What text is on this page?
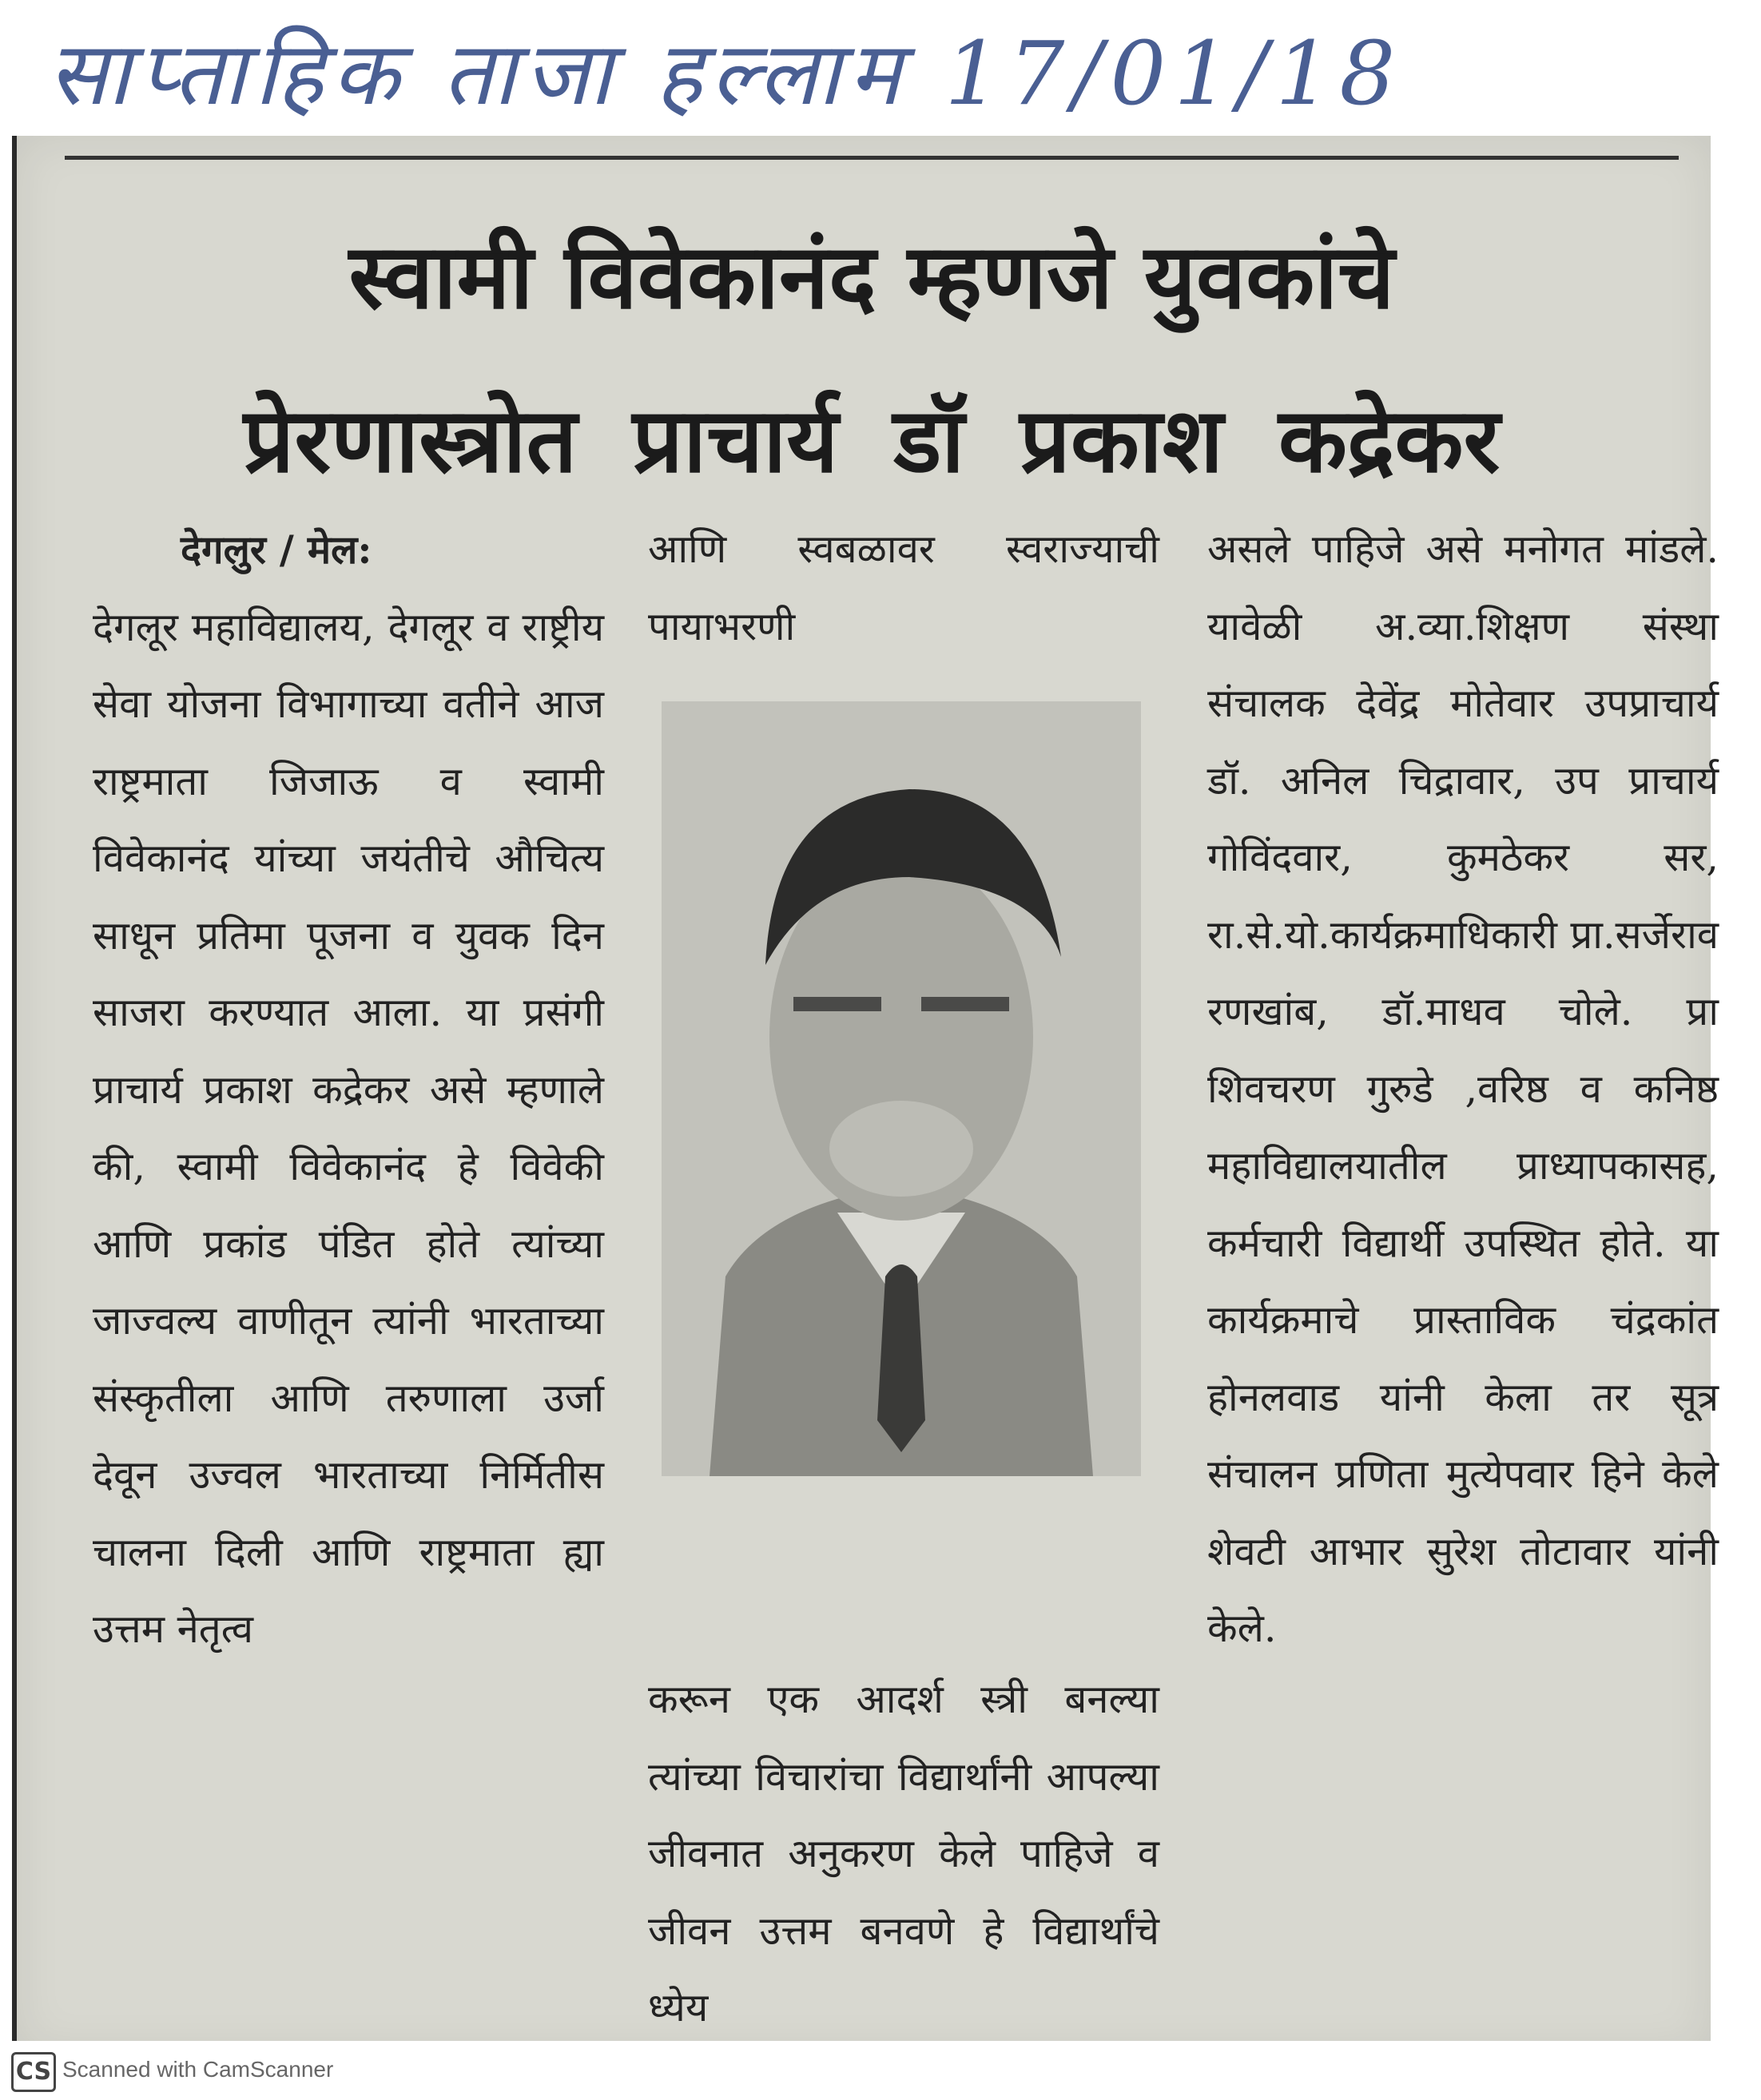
साप्ताहिक ताजा हल्लाम 17/01/18
स्वामी विवेकानंद म्हणजे युवकांचे
प्रेरणास्त्रोत प्राचार्य डॉ प्रकाश कद्रेकर

देगलुर / मेल:

देगलूर महाविद्यालय, देगलूर व राष्ट्रीय सेवा योजना विभागाच्या वतीने आज राष्ट्रमाता जिजाऊ व स्वामी विवेकानंद यांच्या जयंतीचे औचित्य साधून प्रतिमा पूजना व युवक दिन साजरा करण्यात आला. या प्रसंगी प्राचार्य प्रकाश कद्रेकर असे म्हणाले की, स्वामी विवेकानंद हे विवेकी आणि प्रकांड पंडित होते त्यांच्या जाज्वल्य वाणीतून त्यांनी भारताच्या संस्कृतीला आणि तरुणाला उर्जा देवून उज्वल भारताच्या निर्मितीस चालना दिली आणि राष्ट्रमाता ह्या उत्तम नेतृत्व

आणि स्वबळावर स्वराज्याची पायाभरणी

करून एक आदर्श स्त्री बनल्या त्यांच्या विचारांचा विद्यार्थांनी आपल्या जीवनात अनुकरण केले पाहिजे व जीवन उत्तम बनवणे हे विद्यार्थांचे ध्येय

असले पाहिजे असे मनोगत मांडले. यावेळी अ.व्या.शिक्षण संस्था संचालक देवेंद्र मोतेवार उपप्राचार्य डॉ. अनिल चिद्रावार, उप प्राचार्य गोविंदवार, कुमठेकर सर, रा.से.यो.कार्यक्रमाधिकारी प्रा.सर्जेराव रणखांब, डॉ.माधव चोले. प्रा शिवचरण गुरुडे ,वरिष्ठ व कनिष्ठ महाविद्यालयातील प्राध्यापकासह, कर्मचारी विद्यार्थी उपस्थित होते. या कार्यक्रमाचे प्रास्ताविक चंद्रकांत होनलवाड यांनी केला तर सूत्र संचालन प्रणिता मुत्येपवार हिने केले शेवटी आभार सुरेश तोटावार यांनी केले.

CS Scanned with CamScanner
